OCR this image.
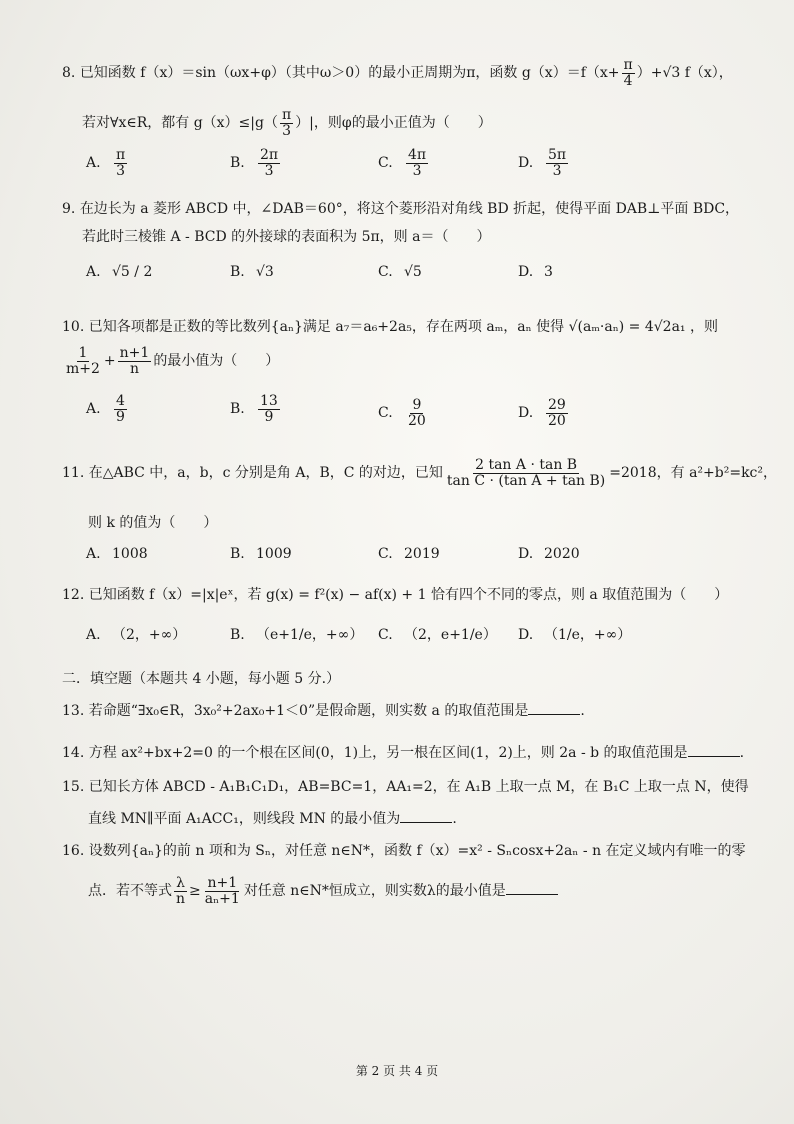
8. 已知函数 f（x）＝sin（ωx+φ）（其中ω＞0）的最小正周期为π，函数 $g(x)=f(x+ \frac{\pi}{4} )+√3$ f（x），
若对∀x∈R，都有 $g(x)\le|g( \frac{\pi}{3}$ ）|，则φ的最小正值为（　　）
A. $\frac{\pi}{3}$	B. $\frac{2\pi}{3}$	C. $\frac{4\pi}{3}$	D. $\frac{5\pi}{3}$
9. 在边长为 a 菱形 ABCD 中，∠DAB＝60°，将这个菱形沿对角线 BD 折起，使得平面 DAB⊥平面 BDC，
若此时三棱锥 A - BCD 的外接球的表面积为 5π，则 a＝（　　）
A. √5 / 2	B. √3	C. √5	D. 3
10. 已知各项都是正数的等比数列{aₙ}满足 a₇＝a₆+2a₅，存在两项 aₘ，aₙ 使得 √(aₘ·aₙ) = 4√2a₁ ，则
$\frac{1}{m+2} + \frac{n+1}{n}$ 的最小值为（　　）
A. $\frac{4}{9}$	B. $\frac{13}{9}$	C. $\frac{9}{20}$	D. $\frac{29}{20}$
11. 在△ABC 中，a，b，c 分别是角 A，B，C 的对边，已知 $\frac{\text{2 tan A · tan B}}{\text{tan C · (tan A + tan B)}} =2018$，有 a²+b²=kc²，
则 k 的值为（　　）
A. 1008	B. 1009	C. 2019	D. 2020
12. 已知函数 f（x）=|x|eˣ，若 g(x) = f²(x) − af(x) + 1 恰有四个不同的零点，则 a 取值范围为（　　）
A. （2，+∞）	B. （e+1/e，+∞） C. （2，e+1/e） D. （1/e，+∞）
二．填空题（本题共 4 小题，每小题 5 分.）
13. 若命题“∃x₀∈R，3x₀²+2ax₀+1＜0”是假命题，则实数 a 的取值范围是	.
14. 方程 ax²+bx+2=0 的一个根在区间(0，1)上，另一根在区间(1，2)上，则 2a - b 的取值范围是	.
15. 已知长方体 ABCD - A₁B₁C₁D₁，AB=BC=1，AA₁=2，在 A₁B 上取一点 M，在 B₁C 上取一点 N，使得
直线 MN∥平面 A₁ACC₁，则线段 MN 的最小值为	.
16. 设数列{aₙ}的前 n 项和为 Sₙ，对任意 n∈N*，函数 f（x）=x² - Sₙcosx+2aₙ - n 在定义域内有唯一的零
点．若不等式 $\frac{\lambda}{n} \ge \frac{n+1}{\text{aₙ+1}}$ 对任意 n∈N*恒成立，则实数λ的最小值是
第 2 页 共 4 页
